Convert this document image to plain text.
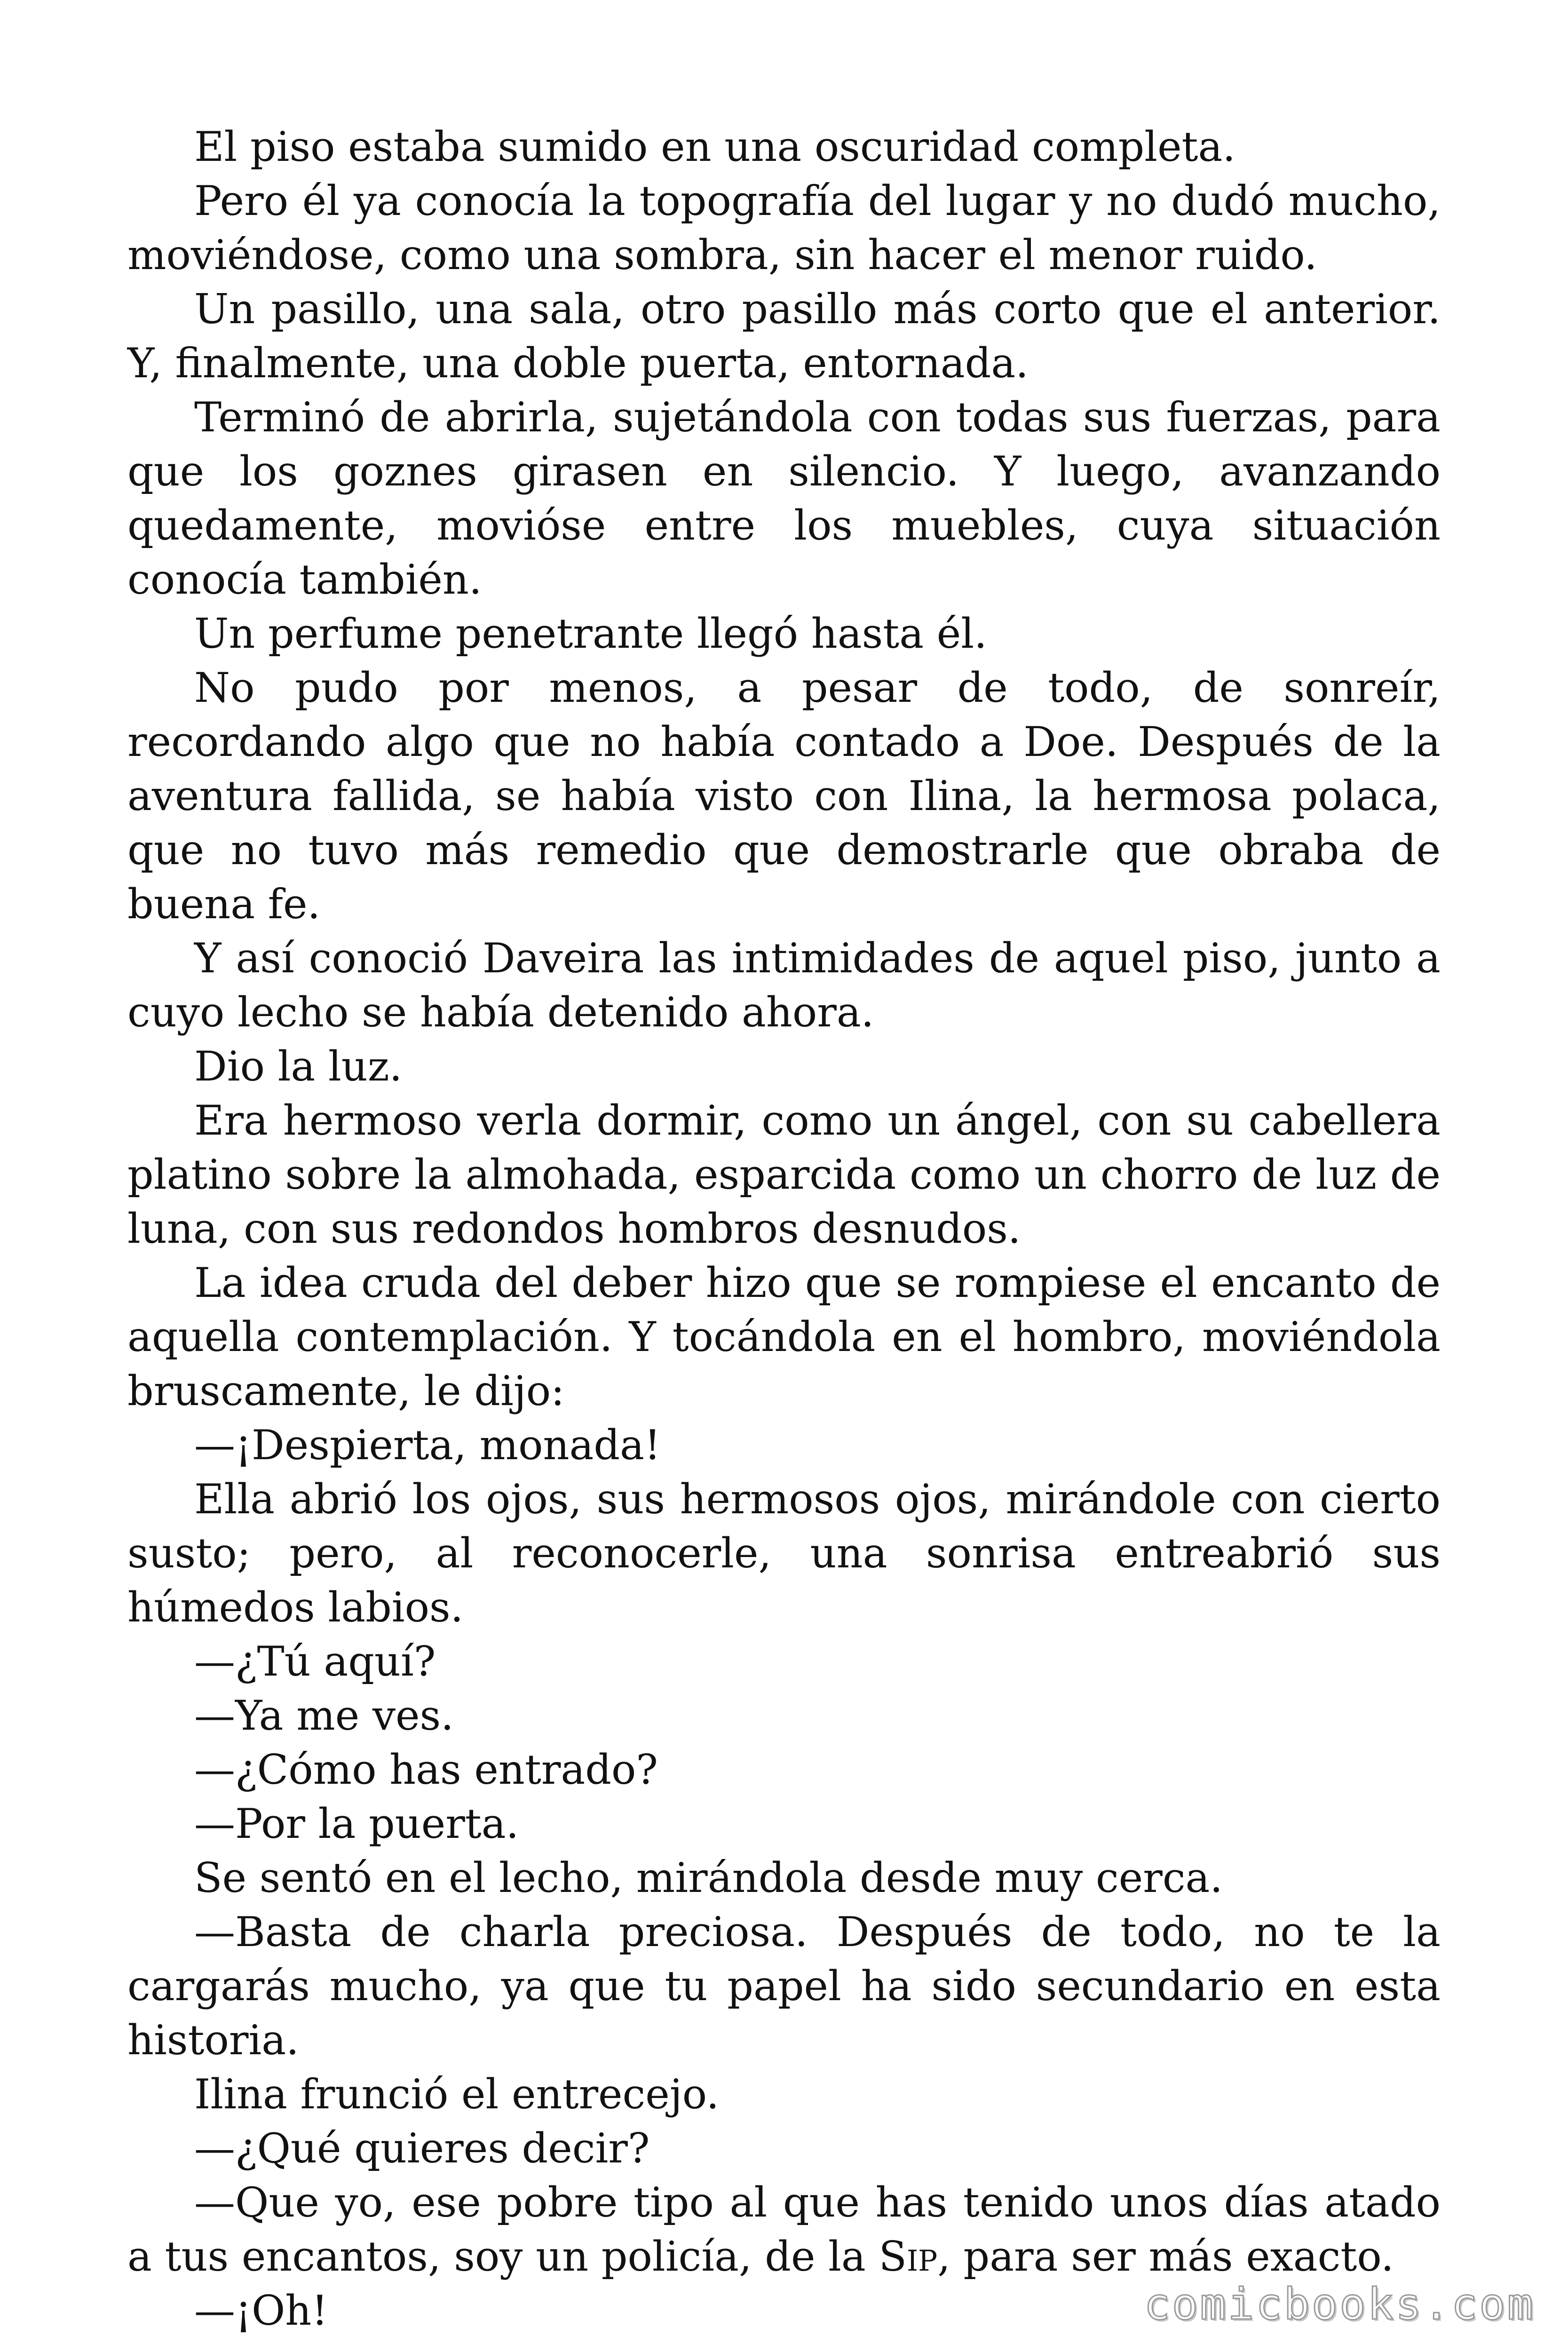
El piso estaba sumido en una oscuridad completa.

Pero él ya conocía la topografía del lugar y no dudó mucho, moviéndose, como una sombra, sin hacer el menor ruido.

Un pasillo, una sala, otro pasillo más corto que el anterior. Y, finalmente, una doble puerta, entornada.

Terminó de abrirla, sujetándola con todas sus fuerzas, para que los goznes girasen en silencio. Y luego, avanzando quedamente, movióse entre los muebles, cuya situación conocía también.

Un perfume penetrante llegó hasta él.

No pudo por menos, a pesar de todo, de sonreír, recordando algo que no había contado a Doe. Después de la aventura fallida, se había visto con Ilina, la hermosa polaca, que no tuvo más remedio que demostrarle que obraba de buena fe.

Y así conoció Daveira las intimidades de aquel piso, junto a cuyo lecho se había detenido ahora.

Dio la luz.

Era hermoso verla dormir, como un ángel, con su cabellera platino sobre la almohada, esparcida como un chorro de luz de luna, con sus redondos hombros desnudos.

La idea cruda del deber hizo que se rompiese el encanto de aquella contemplación. Y tocándola en el hombro, moviéndola bruscamente, le dijo:

—¡Despierta, monada!

Ella abrió los ojos, sus hermosos ojos, mirándole con cierto susto; pero, al reconocerle, una sonrisa entreabrió sus húmedos labios.

—¿Tú aquí?

—Ya me ves.

—¿Cómo has entrado?

—Por la puerta.

Se sentó en el lecho, mirándola desde muy cerca.

—Basta de charla preciosa. Después de todo, no te la cargarás mucho, ya que tu papel ha sido secundario en esta historia.

Ilina frunció el entrecejo.

—¿Qué quieres decir?

—Que yo, ese pobre tipo al que has tenido unos días atado a tus encantos, soy un policía, de la Sip, para ser más exacto.

—¡Oh!	comicbooks.com
